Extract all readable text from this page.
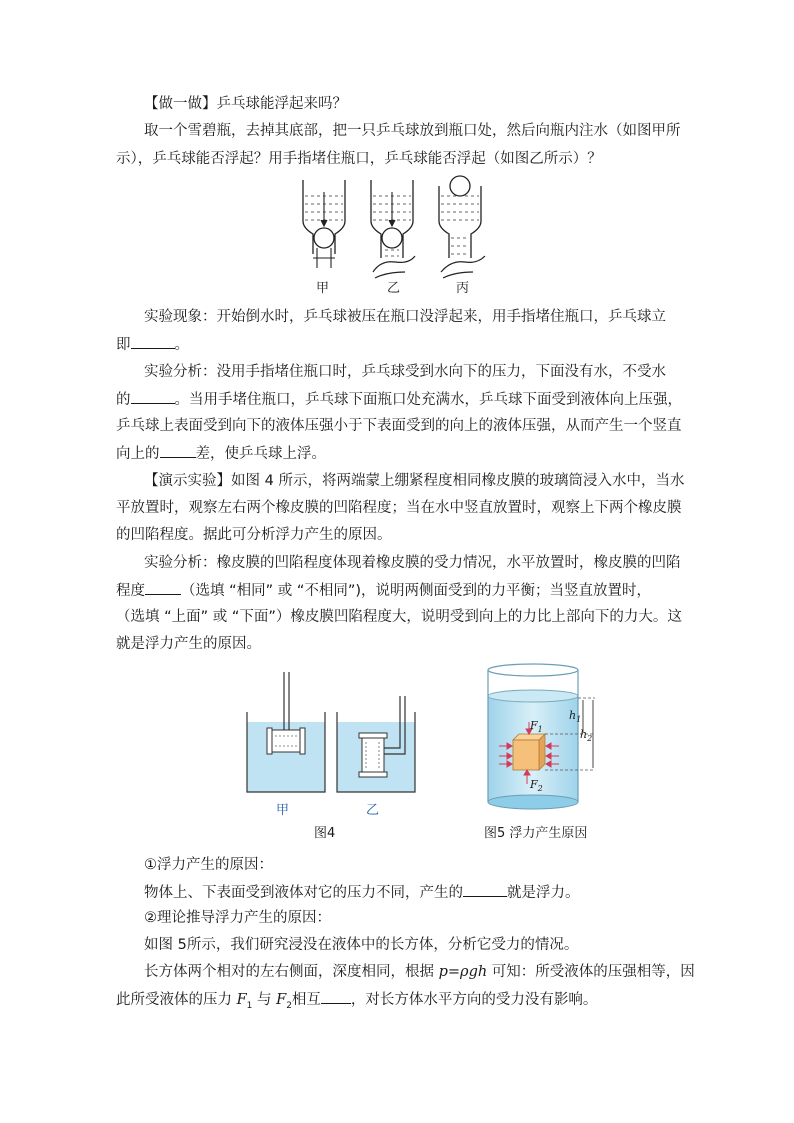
【做一做】乒乓球能浮起来吗？
取一个雪碧瓶，去掉其底部，把一只乒乓球放到瓶口处，然后向瓶内注水（如图甲所
示），乒乓球能否浮起？用手指堵住瓶口，乒乓球能否浮起（如图乙所示）？
甲	乙	丙
实验现象：开始倒水时，乒乓球被压在瓶口没浮起来，用手指堵住瓶口，乒乓球立
即	。
实验分析：没用手指堵住瓶口时，乒乓球受到水向下的压力，下面没有水，不受水
的	。当用手堵住瓶口，乒乓球下面瓶口处充满水，乒乓球下面受到液体向上压强，
乒乓球上表面受到向下的液体压强小于下表面受到的向上的液体压强，从而产生一个竖直
向上的 差，使乒乓球上浮。
【演示实验】如图 4 所示，将两端蒙上绷紧程度相同橡皮膜的玻璃筒浸入水中，当水
平放置时，观察左右两个橡皮膜的凹陷程度；当在水中竖直放置时，观察上下两个橡皮膜
的凹陷程度。据此可分析浮力产生的原因。
实验分析：橡皮膜的凹陷程度体现着橡皮膜的受力情况，水平放置时，橡皮膜的凹陷
程度 （选填 “相同” 或 “不相同”)，说明两侧面受到的力平衡；当竖直放置时，
（选填 “上面” 或 “下面”）橡皮膜凹陷程度大，说明受到向上的力比上部向下的力大。这
就是浮力产生的原因。
甲	乙
图4
$F_1$
$F_2$
$h_1$
$h_2$
图5 浮力产生原因
①浮力产生的原因：
物体上、下表面受到液体对它的压力不同，产生的	就是浮力。
②理论推导浮力产生的原因：
如图 5所示，我们研究浸没在液体中的长方体，分析它受力的情况。
长方体两个相对的左右侧面，深度相同，根据 p=ρgh 可知：所受液体的压强相等，因
此所受液体的压力 $F_1$ 与 $F_2$相互 ，对长方体水平方向的受力没有影响。
